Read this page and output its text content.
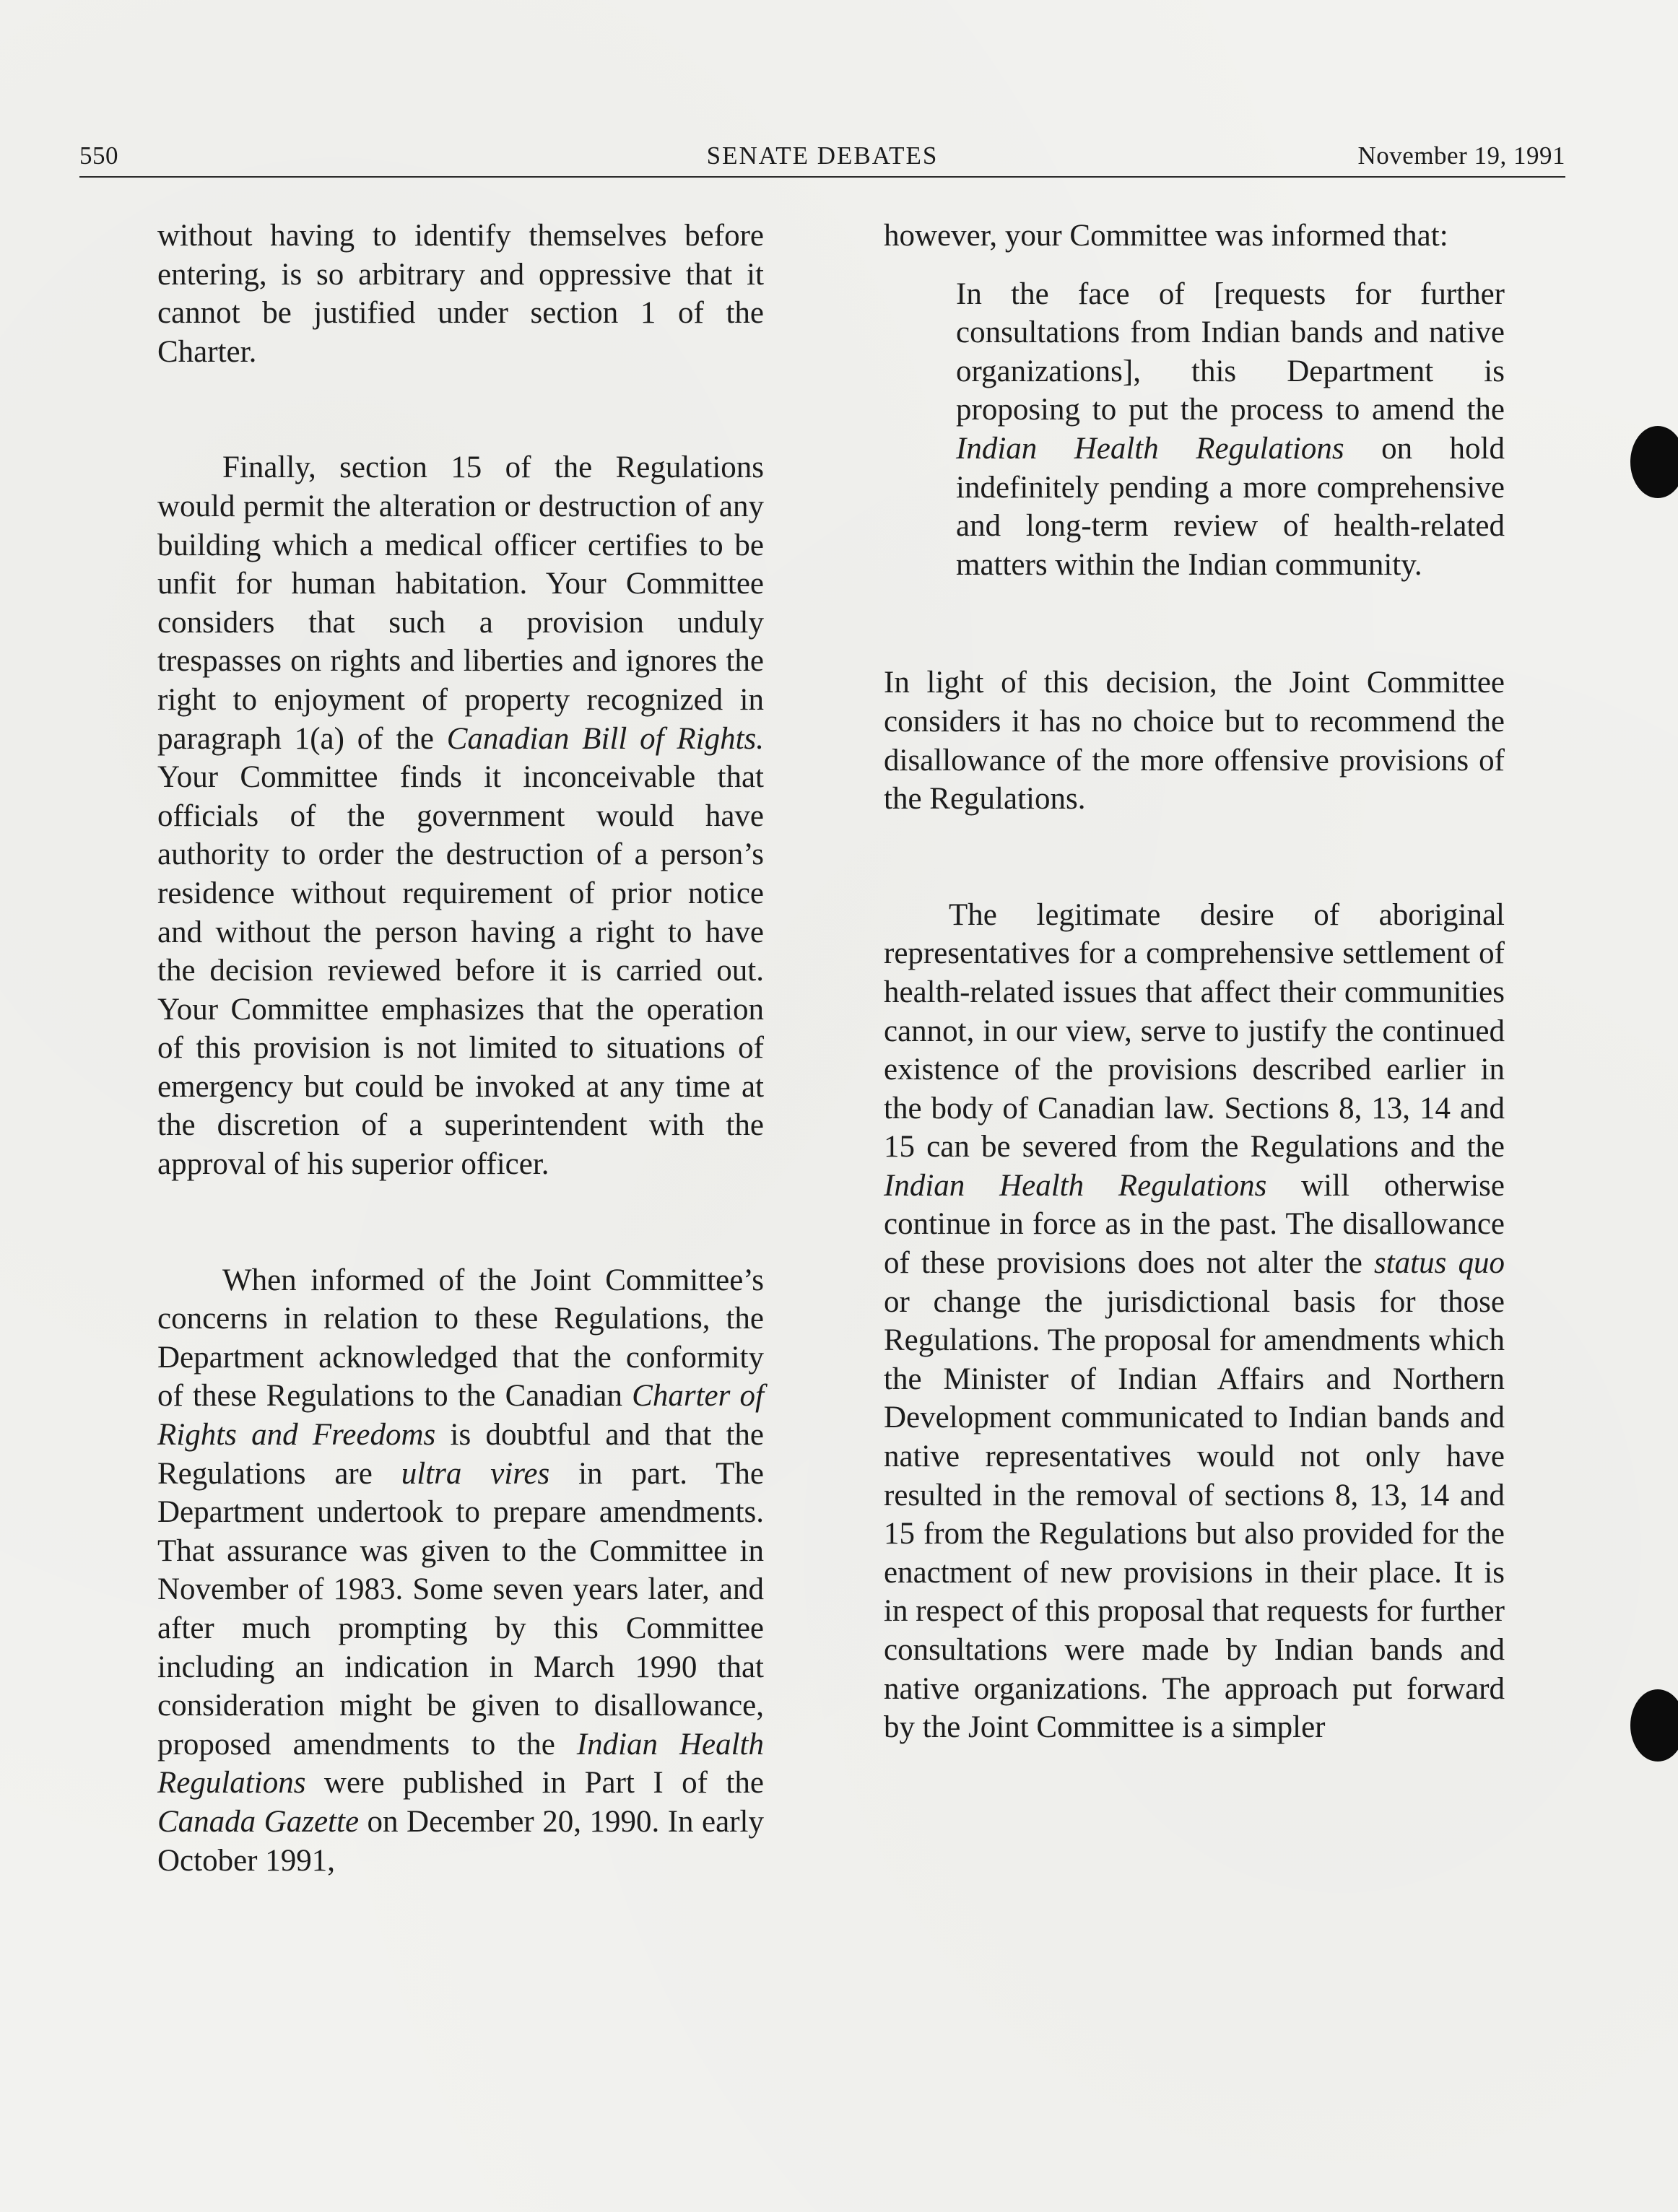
550	SENATE DEBATES	November 19, 1991

without having to identify themselves before entering, is so arbitrary and oppressive that it cannot be justified under section 1 of the Charter.

Finally, section 15 of the Regulations would permit the alteration or destruction of any building which a medical officer certifies to be unfit for human habitation. Your Committee considers that such a provision unduly trespasses on rights and liberties and ignores the right to enjoyment of property recognized in paragraph 1(a) of the Canadian Bill of Rights. Your Committee finds it inconceivable that officials of the government would have authority to order the destruction of a person’s residence without requirement of prior notice and without the person having a right to have the decision reviewed before it is carried out. Your Committee emphasizes that the operation of this provision is not limited to situations of emergency but could be invoked at any time at the discretion of a superintendent with the approval of his superior officer.

When informed of the Joint Committee’s concerns in relation to these Regulations, the Department acknowledged that the conformity of these Regulations to the Canadian Charter of Rights and Freedoms is doubtful and that the Regulations are ultra vires in part. The Department undertook to prepare amendments. That assurance was given to the Committee in November of 1983. Some seven years later, and after much prompting by this Committee including an indication in March 1990 that consideration might be given to disallowance, proposed amendments to the Indian Health Regulations were published in Part I of the Canada Gazette on December 20, 1990. In early October 1991,

however, your Committee was informed that:

In the face of [requests for further consultations from Indian bands and native organizations], this Department is proposing to put the process to amend the Indian Health Regulations on hold indefinitely pending a more comprehensive and long-term review of health-related matters within the Indian community.

In light of this decision, the Joint Committee considers it has no choice but to recommend the disallowance of the more offensive provisions of the Regulations.

The legitimate desire of aboriginal representatives for a comprehensive settlement of health-related issues that affect their communities cannot, in our view, serve to justify the continued existence of the provisions described earlier in the body of Canadian law. Sections 8, 13, 14 and 15 can be severed from the Regulations and the Indian Health Regulations will otherwise continue in force as in the past. The disallowance of these provisions does not alter the status quo or change the jurisdictional basis for those Regulations. The proposal for amendments which the Minister of Indian Affairs and Northern Development communicated to Indian bands and native representatives would not only have resulted in the removal of sections 8, 13, 14 and 15 from the Regulations but also provided for the enactment of new provisions in their place. It is in respect of this proposal that requests for further consultations were made by Indian bands and native organizations. The approach put forward by the Joint Committee is a simpler
